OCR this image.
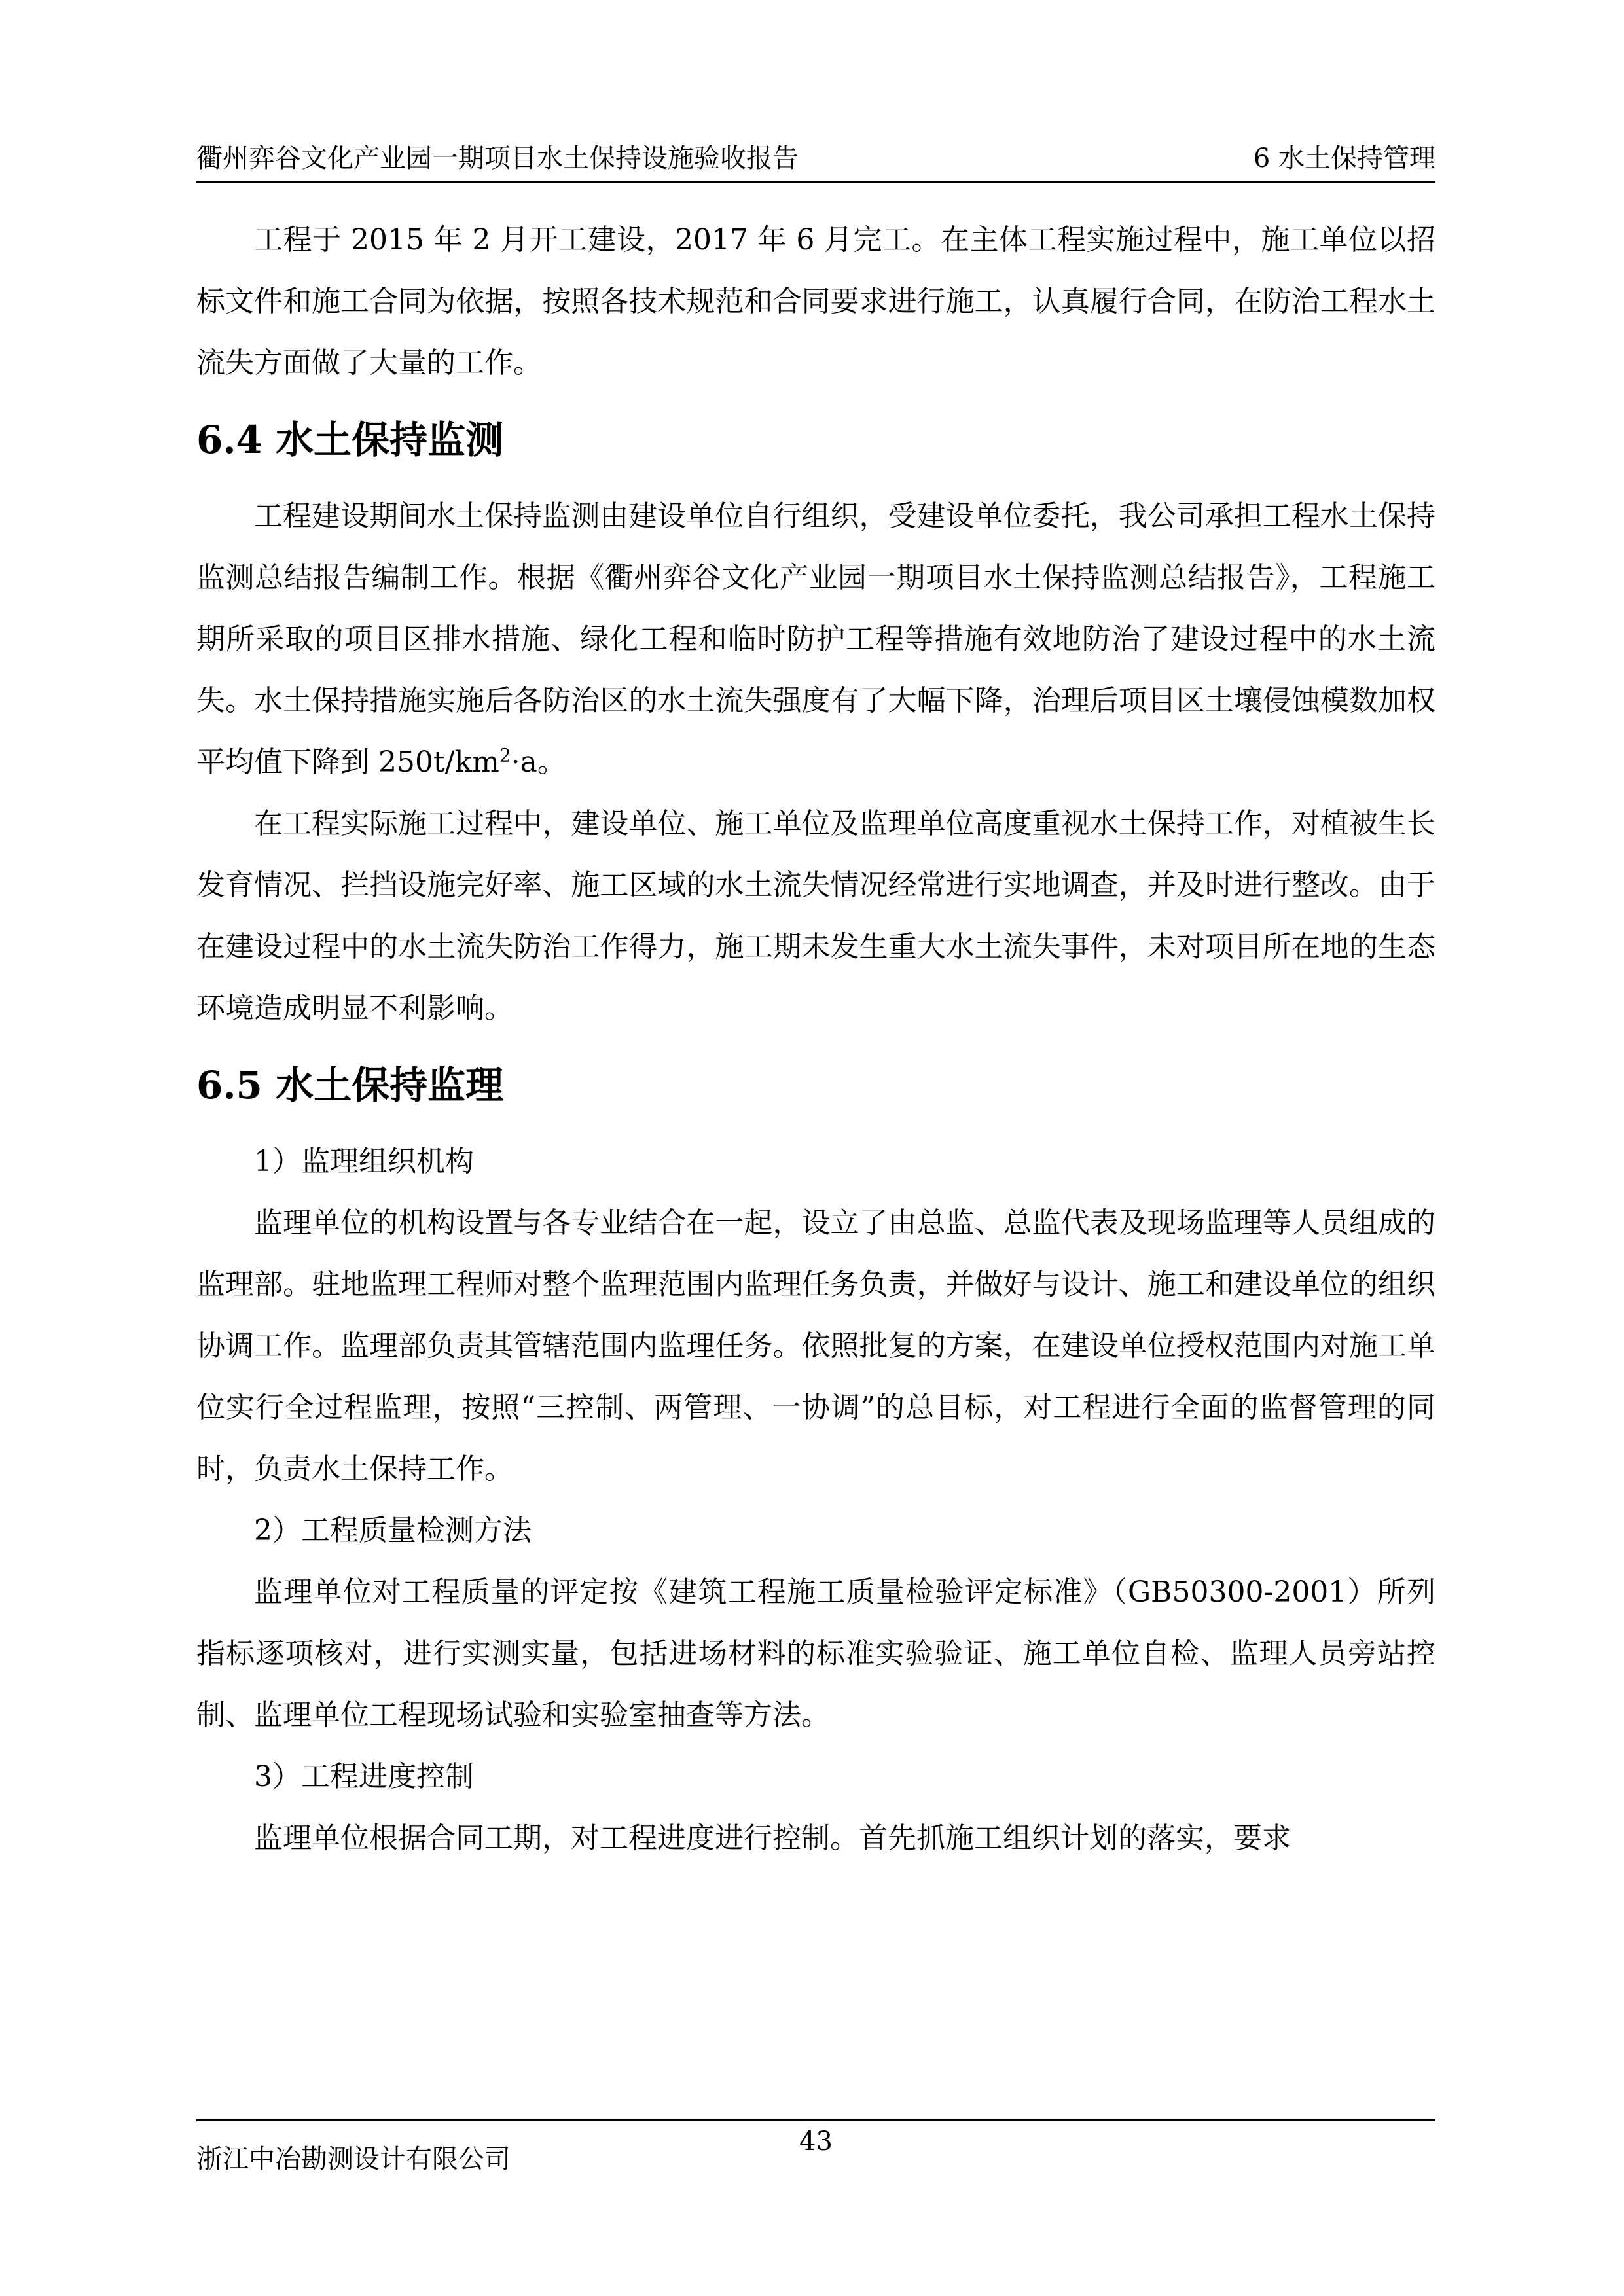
衢州弈谷文化产业园一期项目水土保持设施验收报告	6 水土保持管理

工程于 2015 年 2 月开工建设，2017 年 6 月完工。在主体工程实施过程中，施工单位以招标文件和施工合同为依据，按照各技术规范和合同要求进行施工，认真履行合同，在防治工程水土流失方面做了大量的工作。

6.4 水土保持监测

工程建设期间水土保持监测由建设单位自行组织，受建设单位委托，我公司承担工程水土保持监测总结报告编制工作。根据《衢州弈谷文化产业园一期项目水土保持监测总结报告》，工程施工期所采取的项目区排水措施、绿化工程和临时防护工程等措施有效地防治了建设过程中的水土流失。水土保持措施实施后各防治区的水土流失强度有了大幅下降，治理后项目区土壤侵蚀模数加权平均值下降到 $250t/km^2\cdot a$。

在工程实际施工过程中，建设单位、施工单位及监理单位高度重视水土保持工作，对植被生长发育情况、拦挡设施完好率、施工区域的水土流失情况经常进行实地调查，并及时进行整改。由于在建设过程中的水土流失防治工作得力，施工期未发生重大水土流失事件，未对项目所在地的生态环境造成明显不利影响。

6.5 水土保持监理

1）监理组织机构

监理单位的机构设置与各专业结合在一起，设立了由总监、总监代表及现场监理等人员组成的监理部。驻地监理工程师对整个监理范围内监理任务负责，并做好与设计、施工和建设单位的组织协调工作。监理部负责其管辖范围内监理任务。依照批复的方案，在建设单位授权范围内对施工单位实行全过程监理，按照“三控制、两管理、一协调”的总目标，对工程进行全面的监督管理的同时，负责水土保持工作。

2）工程质量检测方法

监理单位对工程质量的评定按《建筑工程施工质量检验评定标准》（GB50300-2001）所列指标逐项核对，进行实测实量，包括进场材料的标准实验验证、施工单位自检、监理人员旁站控制、监理单位工程现场试验和实验室抽查等方法。

3）工程进度控制

监理单位根据合同工期，对工程进度进行控制。首先抓施工组织计划的落实，要求

浙江中冶勘测设计有限公司
43
